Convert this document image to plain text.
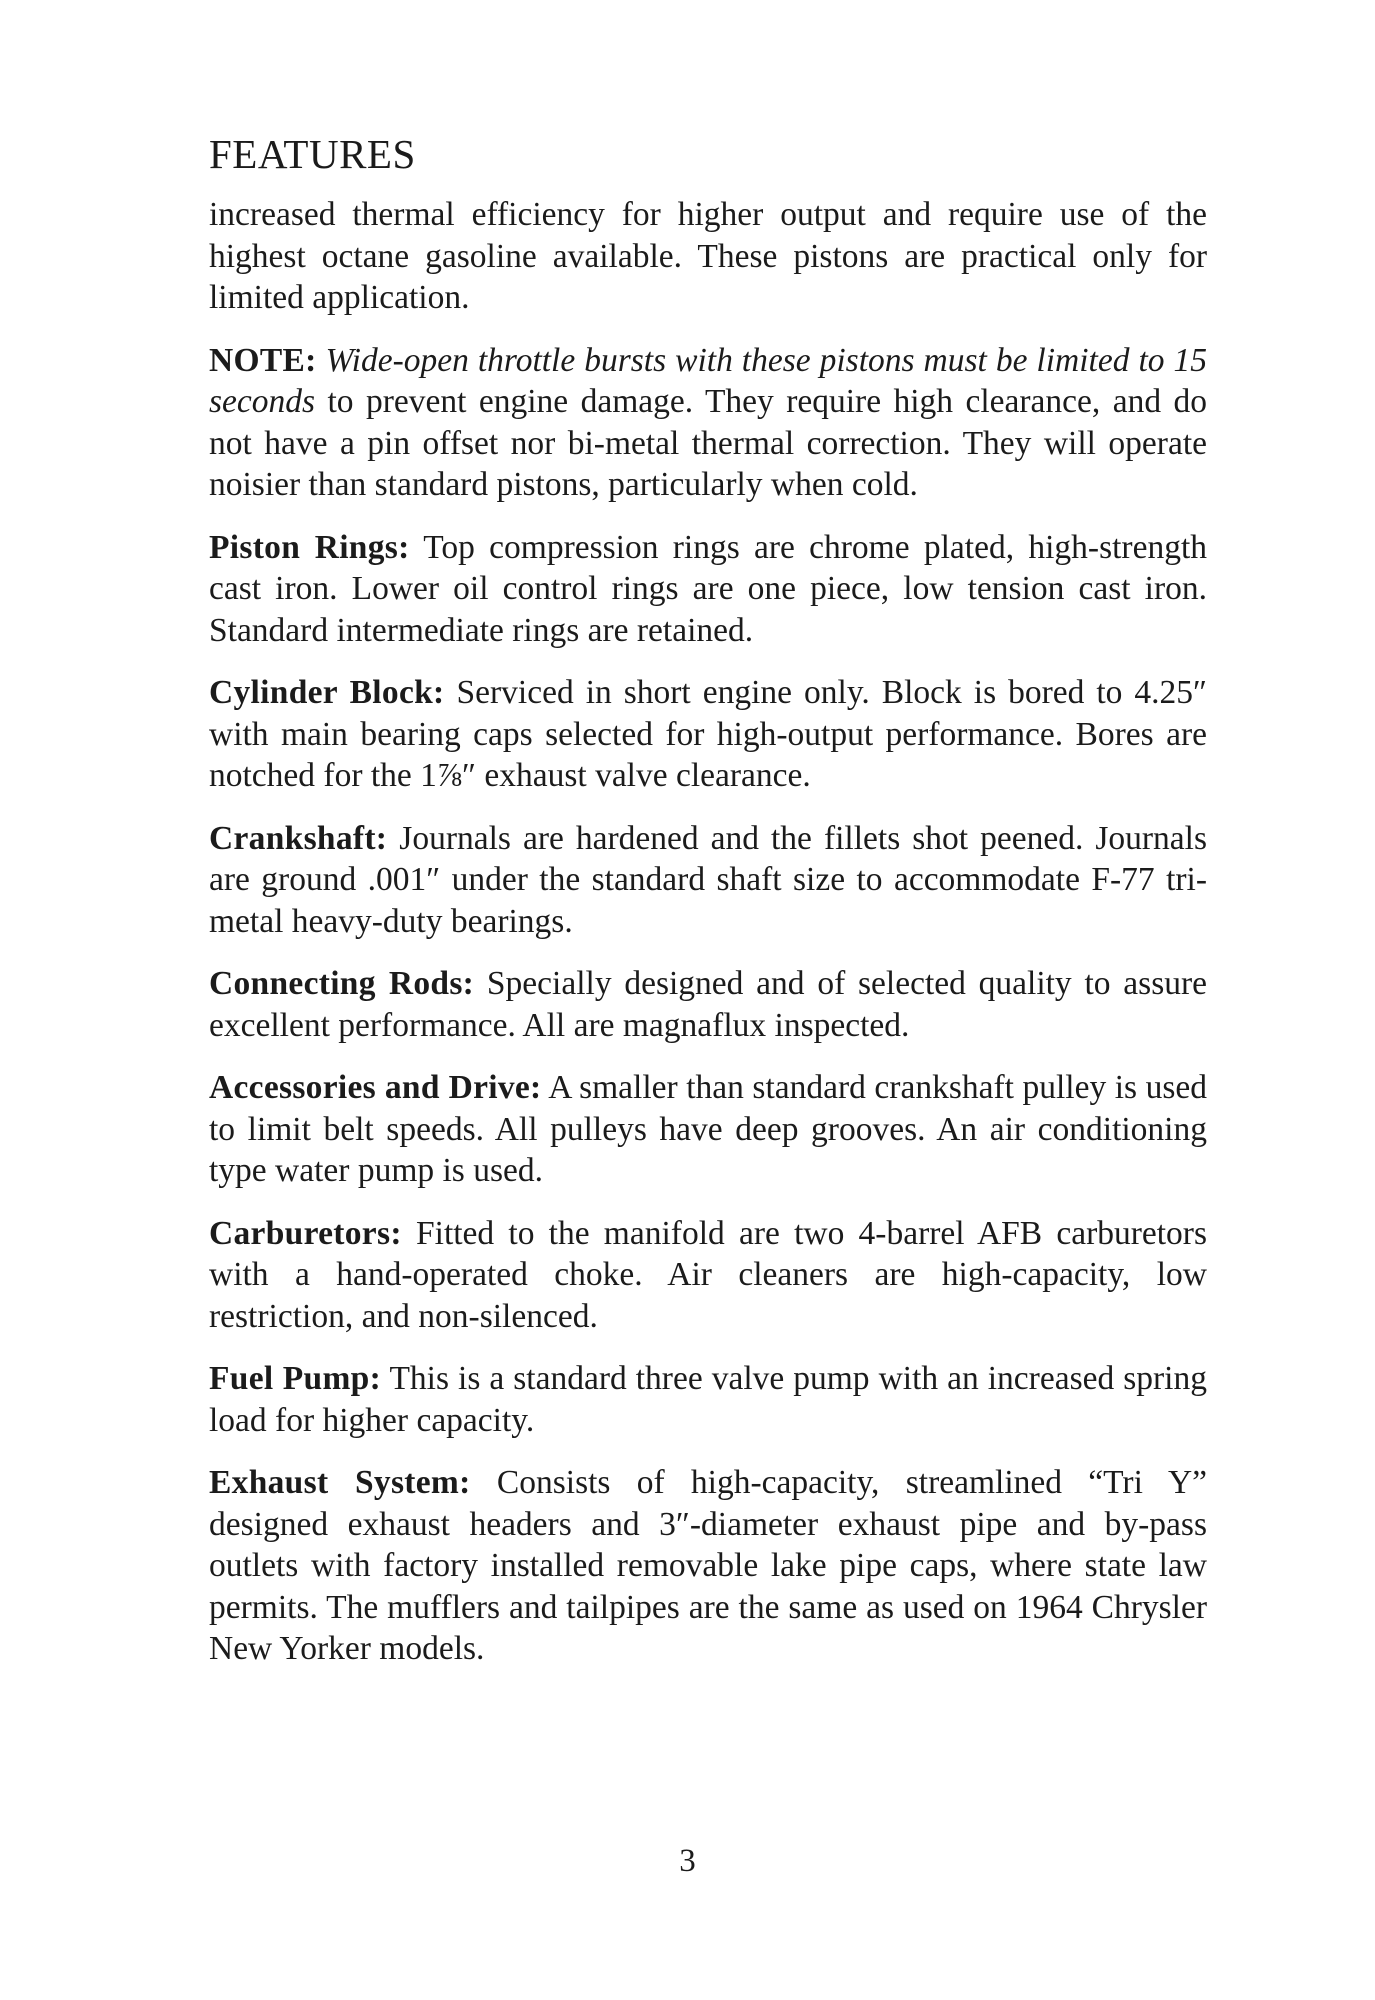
FEATURES

increased thermal efficiency for higher output and require use of the highest octane gasoline available. These pistons are practical only for limited application.

NOTE: Wide-open throttle bursts with these pistons must be limited to 15 seconds to prevent engine damage. They require high clearance, and do not have a pin offset nor bi-metal thermal correction. They will operate noisier than standard pistons, particularly when cold.

Piston Rings: Top compression rings are chrome plated, high-strength cast iron. Lower oil control rings are one piece, low tension cast iron. Standard intermediate rings are retained.

Cylinder Block: Serviced in short engine only. Block is bored to 4.25″ with main bearing caps selected for high-output performance. Bores are notched for the 1⅞″ exhaust valve clearance.

Crankshaft: Journals are hardened and the fillets shot peened. Journals are ground .001″ under the standard shaft size to accommodate F-77 tri-metal heavy-duty bearings.

Connecting Rods: Specially designed and of selected quality to assure excellent performance. All are magnaflux inspected.

Accessories and Drive: A smaller than standard crankshaft pulley is used to limit belt speeds. All pulleys have deep grooves. An air conditioning type water pump is used.

Carburetors: Fitted to the manifold are two 4-barrel AFB carburetors with a hand-operated choke. Air cleaners are high-capacity, low restriction, and non-silenced.

Fuel Pump: This is a standard three valve pump with an increased spring load for higher capacity.

Exhaust System: Consists of high-capacity, streamlined “Tri Y” designed exhaust headers and 3″-diameter exhaust pipe and by-pass outlets with factory installed removable lake pipe caps, where state law permits. The mufflers and tailpipes are the same as used on 1964 Chrysler New Yorker models.

3
